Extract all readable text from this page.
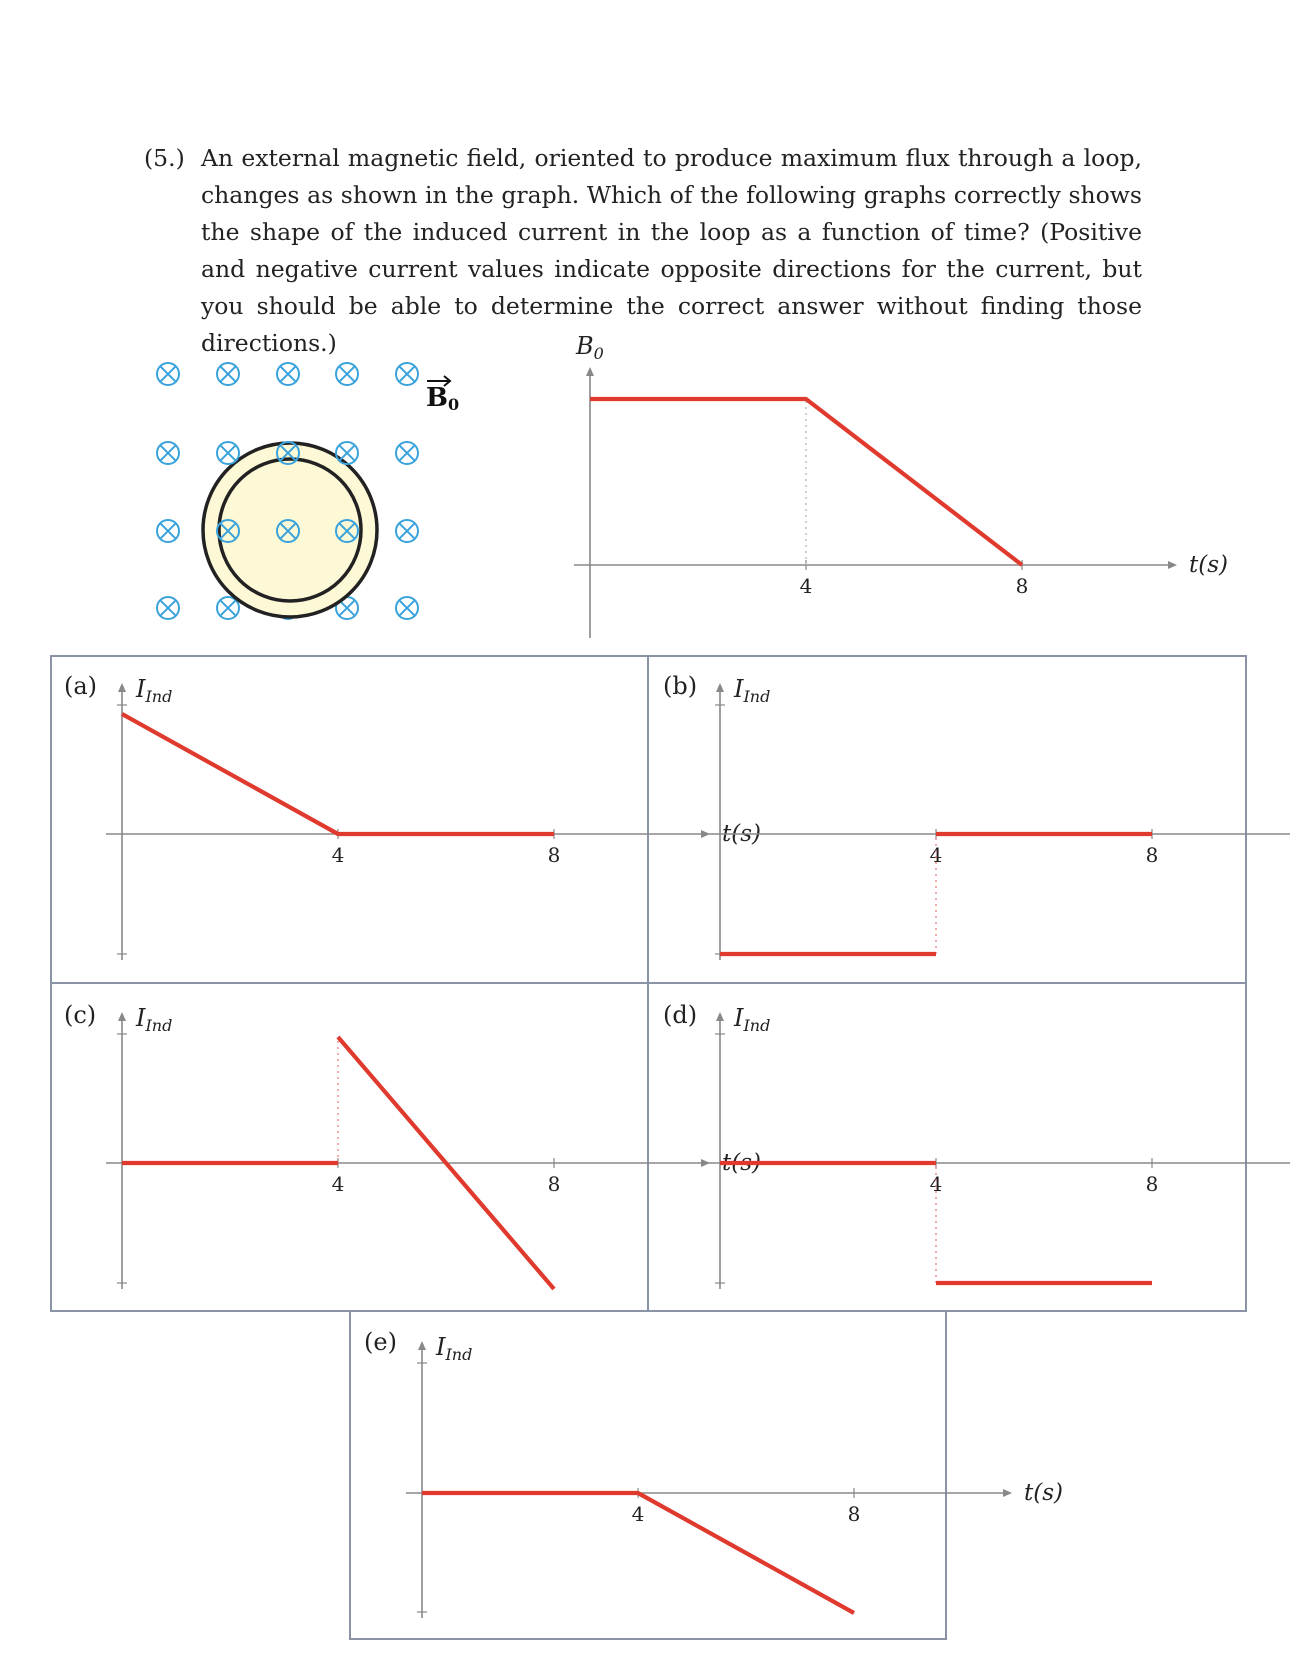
(5.) An external magnetic field, oriented to produce maximum flux through a loop, changes as shown in the graph. Which of the following graphs correctly shows the shape of the induced current in the loop as a function of time? (Positive and negative current values indicate opposite directions for the current, but you should be able to determine the correct answer without finding those directions.)
B0
(a)	(b)
(c)	(d)
(e)
4	8
t(s)
$B_0$
4	8
t(s)
$I_{Ind}$
4	8
$I_{Ind}$
4	8
t(s)
$I_{Ind}$
4	8
$I_{Ind}$
4	8
t(s)
$I_{Ind}$
